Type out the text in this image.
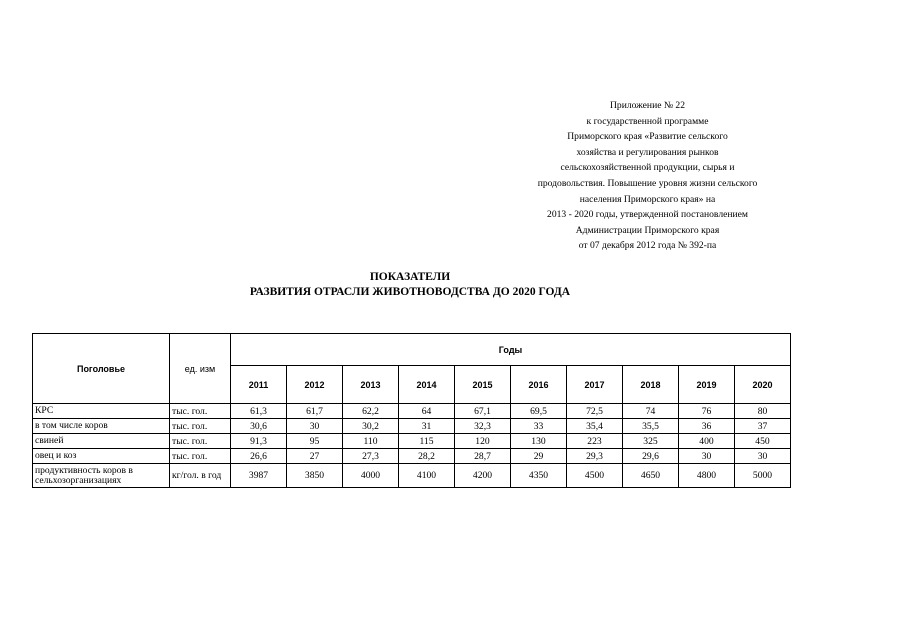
Приложение № 22
к государственной программе
Приморского края «Развитие сельского
хозяйства и регулирования рынков
сельскохозяйственной продукции, сырья и
продовольствия. Повышение уровня жизни сельского
населения Приморского края» на
2013 - 2020 годы, утвержденной постановлением
Администрации Приморского края
от 07 декабря 2012 года № 392-па
ПОКАЗАТЕЛИ
РАЗВИТИЯ ОТРАСЛИ ЖИВОТНОВОДСТВА ДО 2020 ГОДА
Поголовье	ед. изм	Годы									
		2011	2012	2013	2014	2015	2016	2017	2018	2019	2020
КРС	тыс. гол.	61,3	61,7	62,2	64	67,1	69,5	72,5	74	76	80
в том числе коров	тыс. гол.	30,6	30	30,2	31	32,3	33	35,4	35,5	36	37
свиней	тыс. гол.	91,3	95	110	115	120	130	223	325	400	450
овец и коз	тыс. гол.	26,6	27	27,3	28,2	28,7	29	29,3	29,6	30	30
продуктивность коров в сельхозорганизациях	кг/гол. в год	3987	3850	4000	4100	4200	4350	4500	4650	4800	5000
